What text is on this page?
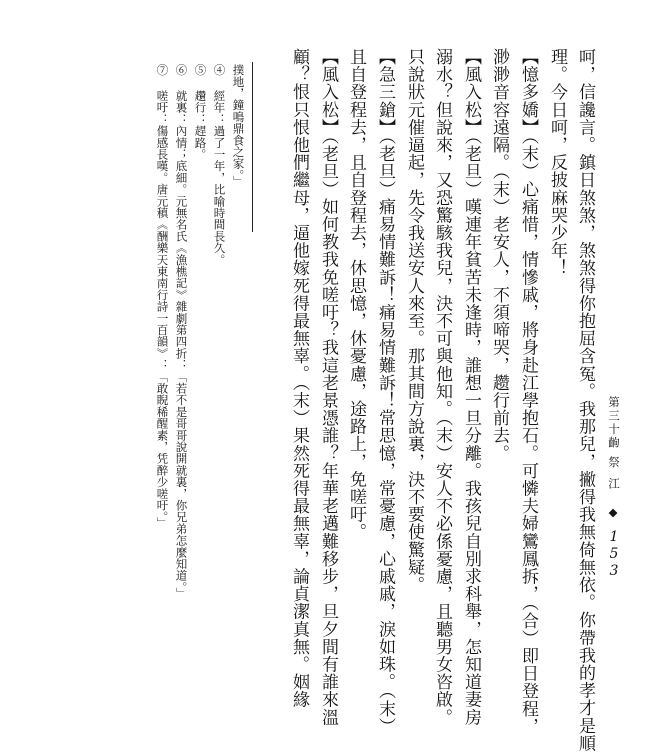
第三十齣
祭江
◆
153
呵，信讒言。鎮日煞煞，煞煞得你抱屈含冤。我那兒，撇得我無倚無依。你帶我的孝才是順
理。今日呵，反披麻哭少年！
【憶多嬌】（末）心痛惜，情慘戚，將身赴江學抱石。可憐夫婦鸞鳳拆，（合）即日登程，
渺渺音容遠隔。（末）老安人，不須啼哭，趱行前去。
【風入松】（老旦）嘆連年貧苦未逢時，誰想一旦分離。我孩兒自別求科舉，怎知道妻房
溺水？但說來，又恐驚駭我兒，決不可與他知。（末）安人不必係憂慮，且聽男女咨啟。
只說狀元催逼起，先令我送安人來至。那其間方說裏，決不要使驚疑。
【急三鎗】（老旦）痛易情難訴！痛易情難訴！常思憶，常憂慮，心戚戚，淚如珠。（末）
且自登程去，且自登程去，休思憶，休憂慮，途路上，免嗟吁。
【風入松】（老旦）如何教我免嗟吁？我這老景憑誰？年華老邁難移步，旦夕間有誰來溫
顧？恨只恨他們繼母，逼他嫁死得最無辜。（末）果然死得最無辜，論貞潔真無。姻緣
撲地，鐘鳴鼎食之家。」
④ 經年：過了一年，比喻時間長久。
⑤ 趲行：趕路。
⑥ 就裏：內情；底細。元無名氏《漁樵記》雜劇第四折：「若不是哥哥說開就裏，你兄弟怎麼知道。」
⑦ 嗟吁：傷感長嘆。唐元稹《酬樂天東南行詩一百韻》：「敢睨稀醒素，凭醉少嗟吁。」
